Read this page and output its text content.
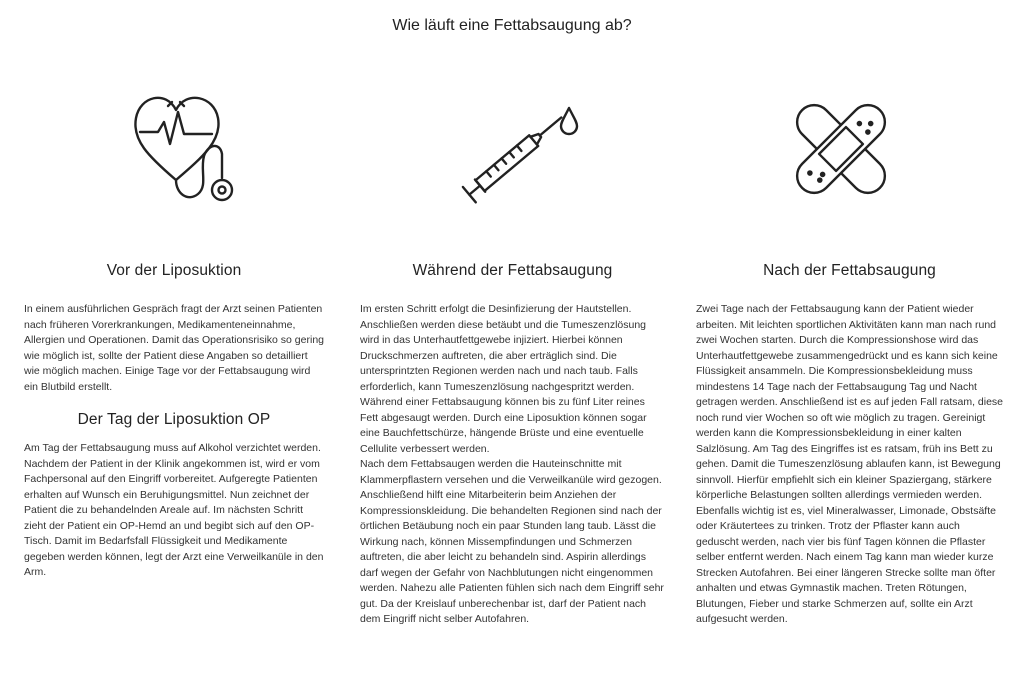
Wie läuft eine Fettabsaugung ab?
Vor der Liposuktion

In einem ausführlichen Gespräch fragt der Arzt seinen Patienten nach früheren Vorerkrankungen, Medikamenteneinnahme, Allergien und Operationen. Damit das Operationsrisiko so gering wie möglich ist, sollte der Patient diese Angaben so detailliert wie möglich machen. Einige Tage vor der Fettabsaugung wird ein Blutbild erstellt.

Der Tag der Liposuktion OP

Am Tag der Fettabsaugung muss auf Alkohol verzichtet werden. Nachdem der Patient in der Klinik angekommen ist, wird er vom Fachpersonal auf den Eingriff vorbereitet. Aufgeregte Patienten erhalten auf Wunsch ein Beruhigungsmittel. Nun zeichnet der Patient die zu behandelnden Areale auf. Im nächsten Schritt zieht der Patient ein OP-Hemd an und begibt sich auf den OP-Tisch. Damit im Bedarfsfall Flüssigkeit und Medikamente gegeben werden können, legt der Arzt eine Verweilkanüle in den Arm.

Während der Fettabsaugung

Im ersten Schritt erfolgt die Desinfizierung der Hautstellen. Anschließen werden diese betäubt und die Tumeszenzlösung wird in das Unterhautfettgewebe injiziert. Hierbei können Druckschmerzen auftreten, die aber erträglich sind. Die untersprintzten Regionen werden nach und nach taub. Falls erforderlich, kann Tumeszenzlösung nachgespritzt werden. Während einer Fettabsaugung können bis zu fünf Liter reines Fett abgesaugt werden. Durch eine Liposuktion können sogar eine Bauchfettschürze, hängende Brüste und eine eventuelle Cellulite verbessert werden.

Nach dem Fettabsaugen werden die Hauteinschnitte mit Klammerpflastern versehen und die Verweilkanüle wird gezogen. Anschließend hilft eine Mitarbeiterin beim Anziehen der Kompressionskleidung. Die behandelten Regionen sind nach der örtlichen Betäubung noch ein paar Stunden lang taub. Lässt die Wirkung nach, können Missempfindungen und Schmerzen auftreten, die aber leicht zu behandeln sind. Aspirin allerdings darf wegen der Gefahr von Nachblutungen nicht eingenommen werden. Nahezu alle Patienten fühlen sich nach dem Eingriff sehr gut. Da der Kreislauf unberechenbar ist, darf der Patient nach dem Eingriff nicht selber Autofahren.

Nach der Fettabsaugung

Zwei Tage nach der Fettabsaugung kann der Patient wieder arbeiten. Mit leichten sportlichen Aktivitäten kann man nach rund zwei Wochen starten. Durch die Kompressionshose wird das Unterhautfettgewebe zusammengedrückt und es kann sich keine Flüssigkeit ansammeln. Die Kompressionsbekleidung muss mindestens 14 Tage nach der Fettabsaugung Tag und Nacht getragen werden. Anschließend ist es auf jeden Fall ratsam, diese noch rund vier Wochen so oft wie möglich zu tragen. Gereinigt werden kann die Kompressionsbekleidung in einer kalten Salzlösung. Am Tag des Eingriffes ist es ratsam, früh ins Bett zu gehen. Damit die Tumeszenzlösung ablaufen kann, ist Bewegung sinnvoll. Hierfür empfiehlt sich ein kleiner Spaziergang, stärkere körperliche Belastungen sollten allerdings vermieden werden. Ebenfalls wichtig ist es, viel Mineralwasser, Limonade, Obstsäfte oder Kräutertees zu trinken. Trotz der Pflaster kann auch geduscht werden, nach vier bis fünf Tagen können die Pflaster selber entfernt werden. Nach einem Tag kann man wieder kurze Strecken Autofahren. Bei einer längeren Strecke sollte man öfter anhalten und etwas Gymnastik machen. Treten Rötungen, Blutungen, Fieber und starke Schmerzen auf, sollte ein Arzt aufgesucht werden.
